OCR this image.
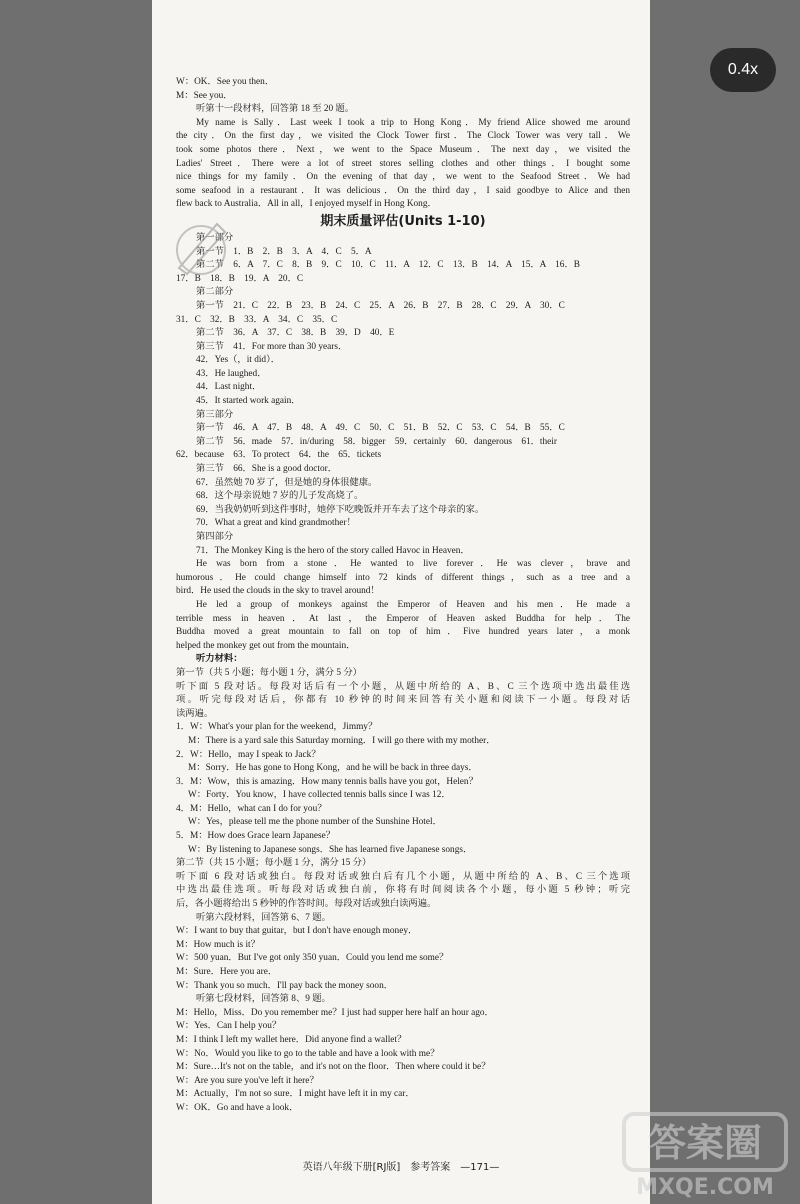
W：OK．See you then．
M：See you．
听第十一段材料，回答第 18 至 20 题。
My name is Sally．Last week I took a trip to Hong Kong．My friend Alice showed me around
the city．On the first day，we visited the Clock Tower first．The Clock Tower was very tall．We
took some photos there．Next，we went to the Space Museum．The next day，we visited the
Ladies' Street．There were a lot of street stores selling clothes and other things．I bought some
nice things for my family．On the evening of that day，we went to the Seafood Street．We had
some seafood in a restaurant．It was delicious．On the third day，I said goodbye to Alice and then
flew back to Australia．All in all，I enjoyed myself in Hong Kong．
期末质量评估(Units 1-10)
第一部分
第一节　1．B　2．B　3．A　4．C　5．A
第二节　6．A　7．C　8．B　9．C　10．C　11．A　12．C　13．B　14．A　15．A　16．B
17．B　18．B　19．A　20．C
第二部分
第一节　21．C　22．B　23．B　24．C　25．A　26．B　27．B　28．C　29．A　30．C
31．C　32．B　33．A　34．C　35．C
第二节　36．A　37．C　38．B　39．D　40．E
第三节　41．For more than 30 years．
42．Yes（，it did）．
43．He laughed．
44．Last night．
45．It started work again．
第三部分
第一节　46．A　47．B　48．A　49．C　50．C　51．B　52．C　53．C　54．B　55．C
第二节　56．made　57．in/during　58．bigger　59．certainly　60．dangerous　61．their
62．because　63．To protect　64．the　65．tickets
第三节　66．She is a good doctor．
67．虽然她 70 岁了，但是她的身体很健康。
68．这个母亲说她 7 岁的儿子发高烧了。
69．当我奶奶听到这件事时，她停下吃晚饭并开车去了这个母亲的家。
70．What a great and kind grandmother！
第四部分
71．The Monkey King is the hero of the story called Havoc in Heaven．
He was born from a stone．He wanted to live forever．He was clever，brave and
humorous．He could change himself into 72 kinds of different things，such as a tree and a
bird．He used the clouds in the sky to travel around！
He led a group of monkeys against the Emperor of Heaven and his men．He made a
terrible mess in heaven．At last，the Emperor of Heaven asked Buddha for help．The
Buddha moved a great mountain to fall on top of him．Five hundred years later，a monk
helped the monkey get out from the mountain．
听力材料：
第一节（共 5 小题；每小题 1 分，满分 5 分）
听下面 5 段对话。每段对话后有一个小题，从题中所给的 A、B、C 三个选项中选出最佳选
项。听完每段对话后，你都有 10 秒钟的时间来回答有关小题和阅读下一小题。每段对话
读两遍。
1．W：What's your plan for the weekend，Jimmy？
M：There is a yard sale this Saturday morning．I will go there with my mother．
2．W：Hello，may I speak to Jack？
M：Sorry．He has gone to Hong Kong，and he will be back in three days．
3．M：Wow，this is amazing．How many tennis balls have you got，Helen？
W：Forty．You know，I have collected tennis balls since I was 12．
4．M：Hello，what can I do for you？
W：Yes，please tell me the phone number of the Sunshine Hotel．
5．M：How does Grace learn Japanese？
W：By listening to Japanese songs．She has learned five Japanese songs．
第二节（共 15 小题；每小题 1 分，满分 15 分）
听下面 6 段对话或独白。每段对话或独白后有几个小题，从题中所给的 A、B、C 三个选项
中选出最佳选项。听每段对话或独白前，你将有时间阅读各个小题，每小题 5 秒钟；听完
后，各小题将给出 5 秒钟的作答时间。每段对话或独白读两遍。
听第六段材料，回答第 6、7 题。
W：I want to buy that guitar，but I don't have enough money．
M：How much is it？
W：500 yuan．But I've got only 350 yuan．Could you lend me some？
M：Sure．Here you are．
W：Thank you so much．I'll pay back the money soon．
听第七段材料，回答第 8、9 题。
M：Hello，Miss．Do you remember me？I just had supper here half an hour ago．
W：Yes．Can I help you？
M：I think I left my wallet here．Did anyone find a wallet？
W：No．Would you like to go to the table and have a look with me？
M：Sure…It's not on the table，and it's not on the floor．Then where could it be？
W：Are you sure you've left it here？
M：Actually，I'm not so sure．I might have left it in my car．
W：OK．Go and have a look．
英语八年级下册[RJ版]　参考答案　—171—
0.4x
答案圈
MXQE.COM
